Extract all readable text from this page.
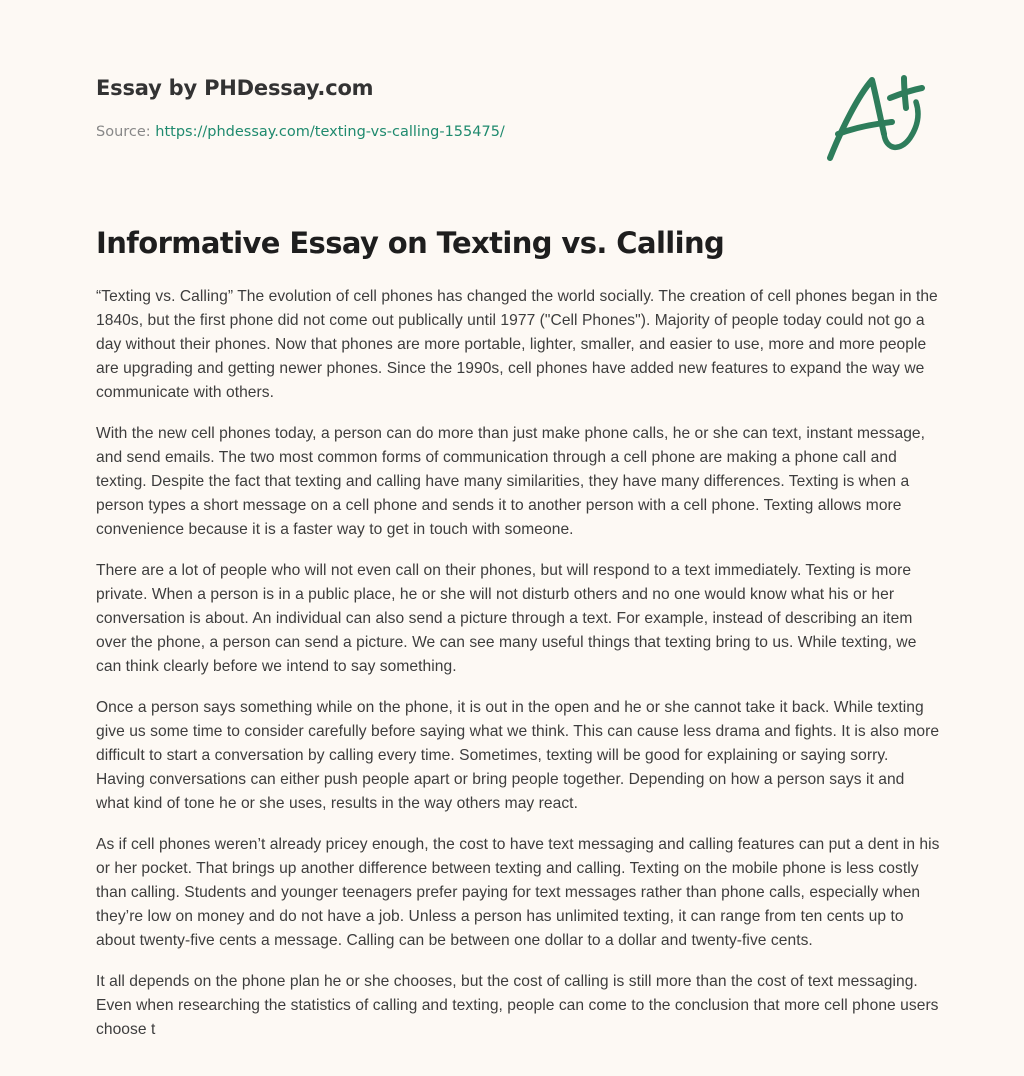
Essay by PHDessay.com
Source: https://phdessay.com/texting-vs-calling-155475/
Informative Essay on Texting vs. Calling

“Texting vs. Calling” The evolution of cell phones has changed the world socially. The creation of cell phones began in the 1840s, but the first phone did not come out publically until 1977 ("Cell Phones"). Majority of people today could not go a day without their phones. Now that phones are more portable, lighter, smaller, and easier to use, more and more people are upgrading and getting newer phones. Since the 1990s, cell phones have added new features to expand the way we communicate with others.

With the new cell phones today, a person can do more than just make phone calls, he or she can text, instant message, and send emails. The two most common forms of communication through a cell phone are making a phone call and texting. Despite the fact that texting and calling have many similarities, they have many differences. Texting is when a person types a short message on a cell phone and sends it to another person with a cell phone. Texting allows more convenience because it is a faster way to get in touch with someone.

There are a lot of people who will not even call on their phones, but will respond to a text immediately. Texting is more private. When a person is in a public place, he or she will not disturb others and no one would know what his or her conversation is about. An individual can also send a picture through a text. For example, instead of describing an item over the phone, a person can send a picture. We can see many useful things that texting bring to us. While texting, we can think clearly before we intend to say something.

Once a person says something while on the phone, it is out in the open and he or she cannot take it back. While texting give us some time to consider carefully before saying what we think. This can cause less drama and fights. It is also more difficult to start a conversation by calling every time. Sometimes, texting will be good for explaining or saying sorry. Having conversations can either push people apart or bring people together. Depending on how a person says it and what kind of tone he or she uses, results in the way others may react.

As if cell phones weren’t already pricey enough, the cost to have text messaging and calling features can put a dent in his or her pocket. That brings up another difference between texting and calling. Texting on the mobile phone is less costly than calling. Students and younger teenagers prefer paying for text messages rather than phone calls, especially when they’re low on money and do not have a job. Unless a person has unlimited texting, it can range from ten cents up to about twenty-five cents a message. Calling can be between one dollar to a dollar and twenty-five cents.

It all depends on the phone plan he or she chooses, but the cost of calling is still more than the cost of text messaging. Even when researching the statistics of calling and texting, people can come to the conclusion that more cell phone users choose t
